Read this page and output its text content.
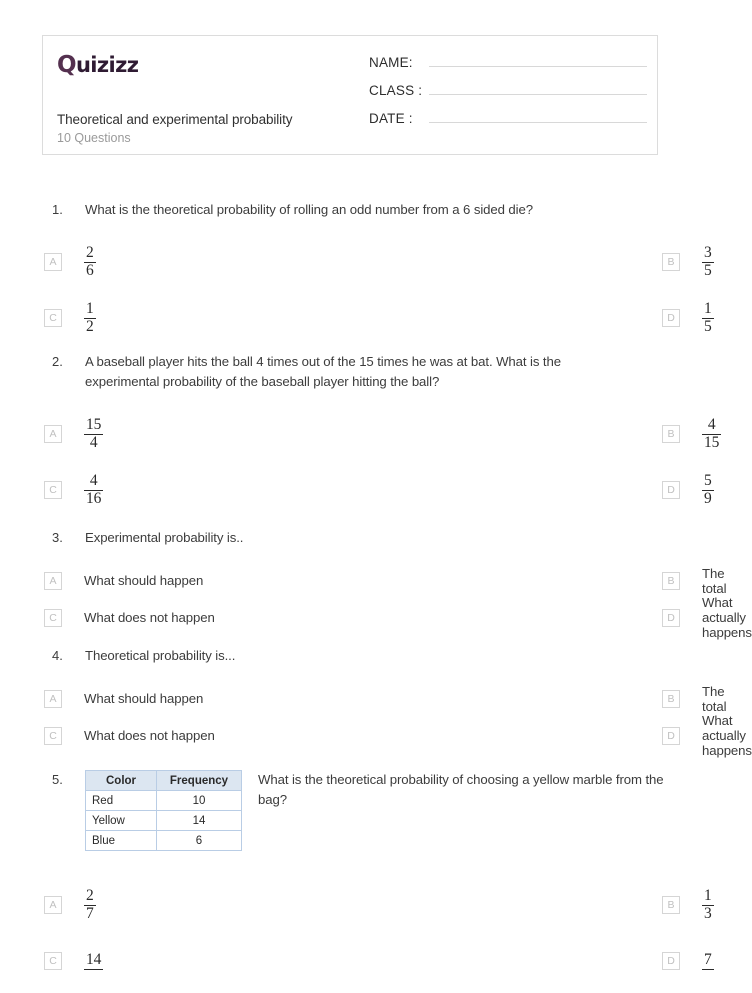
Quizizz
Theoretical and experimental probability
10 Questions
NAME:
CLASS :
DATE :
1.	What is the theoretical probability of rolling an odd number from a 6 sided die?
A	$\frac{2}{6}$	B	$\frac{3}{5}$
C	$\frac{1}{2}$	D	$\frac{1}{5}$
2.	A baseball player hits the ball 4 times out of the 15 times he was at bat. What is the experimental probability of the baseball player hitting the ball?
A	$\frac{15}{4}$	B	$\frac{4}{15}$
C	$\frac{4}{16}$	D	$\frac{5}{9}$
3.	Experimental probability is..
A	What should happen	B	The total
C	What does not happen	D
What actually happens
4.	Theoretical probability is...
A	What should happen	B	The total
C	What does not happen	D
What actually happens
5.	Color	Frequency
Red	10
Yellow	14
Blue	6
What is the theoretical probability of choosing a yellow marble from the bag?
A	$\frac{2}{7}$	B	$\frac{1}{3}$
C	14	D	7
